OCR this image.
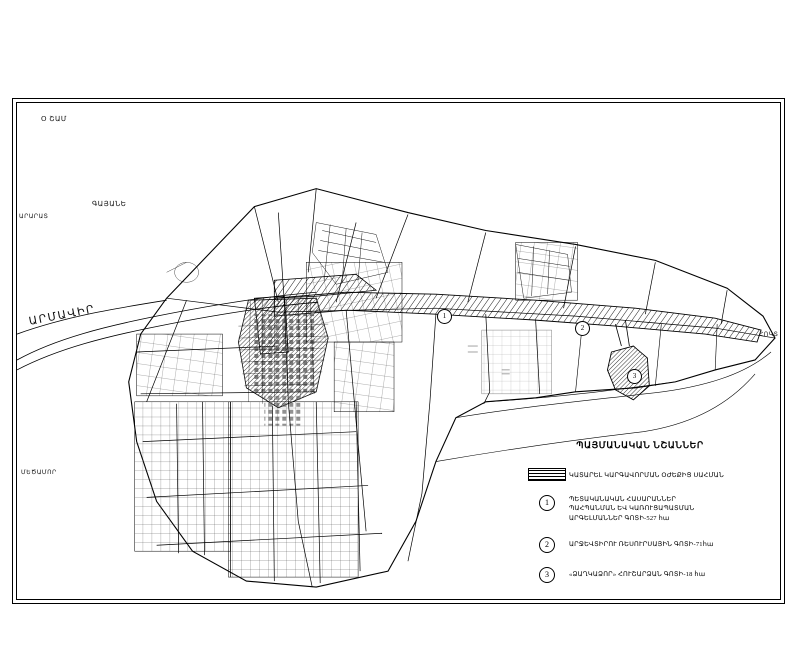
Օ ՇԱՄ
ԳԱՅԱՆԵ
ԱՐԱՐԱՏ
ԱՐՄԱՎԻՐ
ՄԵԾԱՄՈՐ
ՀՈԿՏ
1
2
3
ՊԱՅՄԱՆԱԿԱՆ ՆՇԱՆՆԵՐ
ԿԱՏԱՐԵԼ ԿԱՐԳԱՎՈՐՄԱՆ ՕԺԵՔԻՑ ՍԱՀՄԱՆ
1	ՊԵՏԱԿԱՆԱԿԱՆ ՀԱՍԱՐԱՆՆԵՐ
ՊԱՀՊԱՆՄԱՆ ԵՎ ԿԱՌՈՒՑԱՊԱՏՄԱՆ
ԱՐԳԵԼՄԱՆՆԵՐ ԳՈՏԻ-527 հա
2	ԱՐՋԵՎՏԻՐՈՒ ՌԵՍՈՒՐՍԱՅԻՆ ԳՈՏԻ-71հա
3	«ՁԱՂԿԱՁՈՐ» ՀՈՒՇԱՐՁԱՆ ԳՈՏԻ-18 հա
